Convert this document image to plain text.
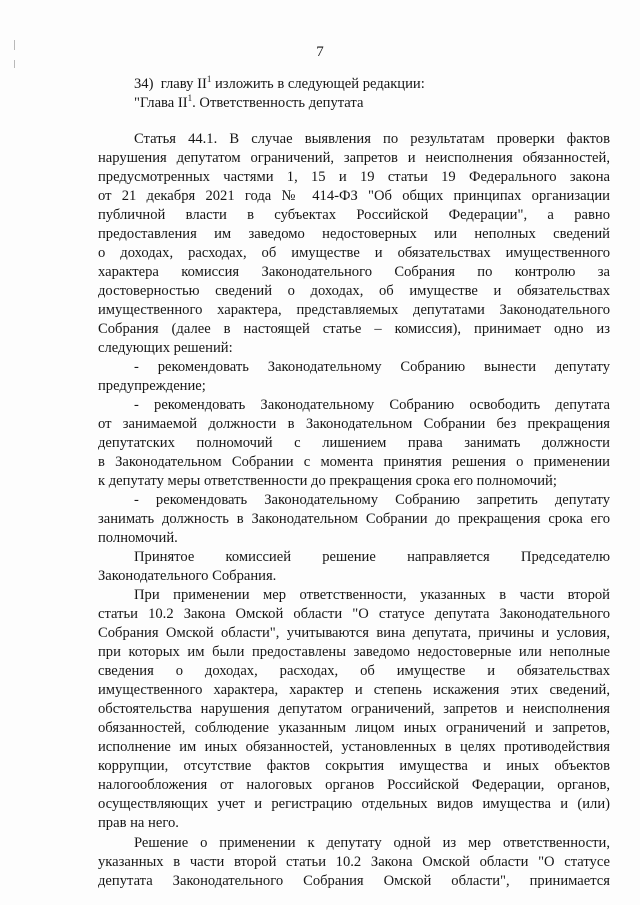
7
34) главу $II^1$ изложить в следующей редакции:
"Глава $II^1$. Ответственность депутата
Статья 44.1. В случае выявления по результатам проверки фактов
нарушения депутатом ограничений, запретов и неисполнения обязанностей,
предусмотренных частями 1, 15 и 19 статьи 19 Федерального закона
от 21 декабря 2021 года № 414-ФЗ "Об общих принципах организации
публичной власти в субъектах Российской Федерации", а равно
предоставления им заведомо недостоверных или неполных сведений
о доходах, расходах, об имуществе и обязательствах имущественного
характера комиссия Законодательного Собрания по контролю за
достоверностью сведений о доходах, об имуществе и обязательствах
имущественного характера, представляемых депутатами Законодательного
Собрания (далее в настоящей статье – комиссия), принимает одно из
следующих решений:
- рекомендовать Законодательному Собранию вынести депутату
предупреждение;
- рекомендовать Законодательному Собранию освободить депутата
от занимаемой должности в Законодательном Собрании без прекращения
депутатских полномочий с лишением права занимать должности
в Законодательном Собрании с момента принятия решения о применении
к депутату меры ответственности до прекращения срока его полномочий;
- рекомендовать Законодательному Собранию запретить депутату
занимать должность в Законодательном Собрании до прекращения срока его
полномочий.
Принятое комиссией решение направляется Председателю
Законодательного Собрания.
При применении мер ответственности, указанных в части второй
статьи 10.2 Закона Омской области "О статусе депутата Законодательного
Собрания Омской области", учитываются вина депутата, причины и условия,
при которых им были предоставлены заведомо недостоверные или неполные
сведения о доходах, расходах, об имуществе и обязательствах
имущественного характера, характер и степень искажения этих сведений,
обстоятельства нарушения депутатом ограничений, запретов и неисполнения
обязанностей, соблюдение указанным лицом иных ограничений и запретов,
исполнение им иных обязанностей, установленных в целях противодействия
коррупции, отсутствие фактов сокрытия имущества и иных объектов
налогообложения от налоговых органов Российской Федерации, органов,
осуществляющих учет и регистрацию отдельных видов имущества и (или)
прав на него.
Решение о применении к депутату одной из мер ответственности,
указанных в части второй статьи 10.2 Закона Омской области "О статусе
депутата Законодательного Собрания Омской области", принимается
